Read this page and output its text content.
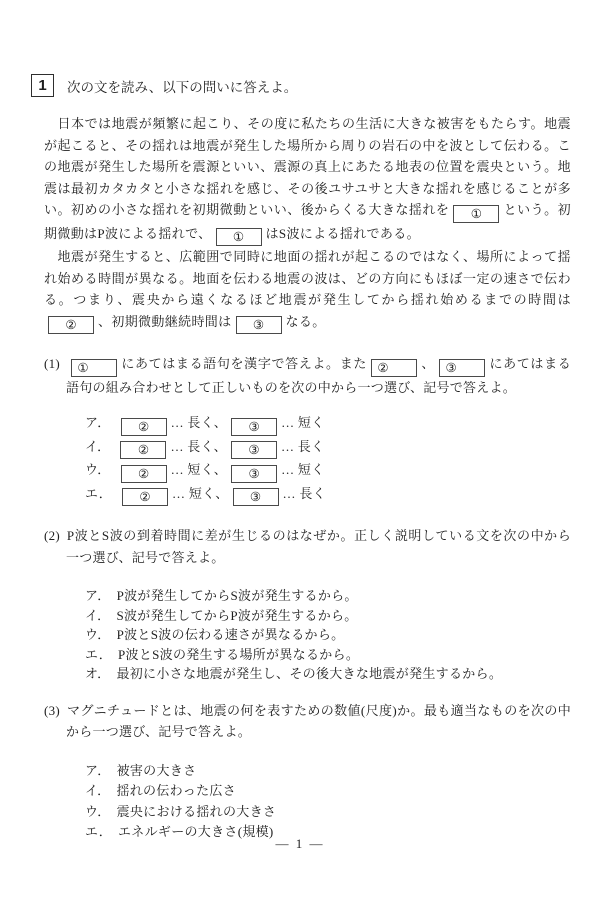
1	次の文を読み、以下の問いに答えよ。

　日本では地震が頻繁に起こり、その度に私たちの生活に大きな被害をもたらす。地震が起こると、その揺れは地震が発生した場所から周りの岩石の中を波として伝わる。この地震が発生した場所を震源といい、震源の真上にあたる地表の位置を震央という。地震は最初カタカタと小さな揺れを感じ、その後ユサユサと大きな揺れを感じることが多い。初めの小さな揺れを初期微動といい、後からくる大きな揺れを ① という。初期微動はP波による揺れで、 ① はS波による揺れである。

　地震が発生すると、広範囲で同時に地面の揺れが起こるのではなく、場所によって揺れ始める時間が異なる。地面を伝わる地震の波は、どの方向にもほぼ一定の速さで伝わる。つまり、震央から遠くなるほど地震が発生してから揺れ始めるまでの時間は② 、初期微動継続時間は ③ なる。

(1) ① にあてはまる語句を漢字で答えよ。また ② 、 ③ にあてはまる語句の組み合わせとして正しいものを次の中から一つ選び、記号で答えよ。
ア． ② … 長く、 ③ … 短く
イ． ② … 長く、 ③ … 長く
ウ． ② … 短く、 ③ … 短く
エ． ② … 短く、 ③ … 長く
(2) P波とS波の到着時間に差が生じるのはなぜか。正しく説明している文を次の中から一つ選び、記号で答えよ。
ア． P波が発生してからS波が発生するから。
イ． S波が発生してからP波が発生するから。
ウ． P波とS波の伝わる速さが異なるから。
エ． P波とS波の発生する場所が異なるから。
オ． 最初に小さな地震が発生し、その後大きな地震が発生するから。
(3) マグニチュードとは、地震の何を表すための数値(尺度)か。最も適当なものを次の中から一つ選び、記号で答えよ。
ア． 被害の大きさ
イ． 揺れの伝わった広さ
ウ． 震央における揺れの大きさ
エ． エネルギーの大きさ(規模)
— 1 —
